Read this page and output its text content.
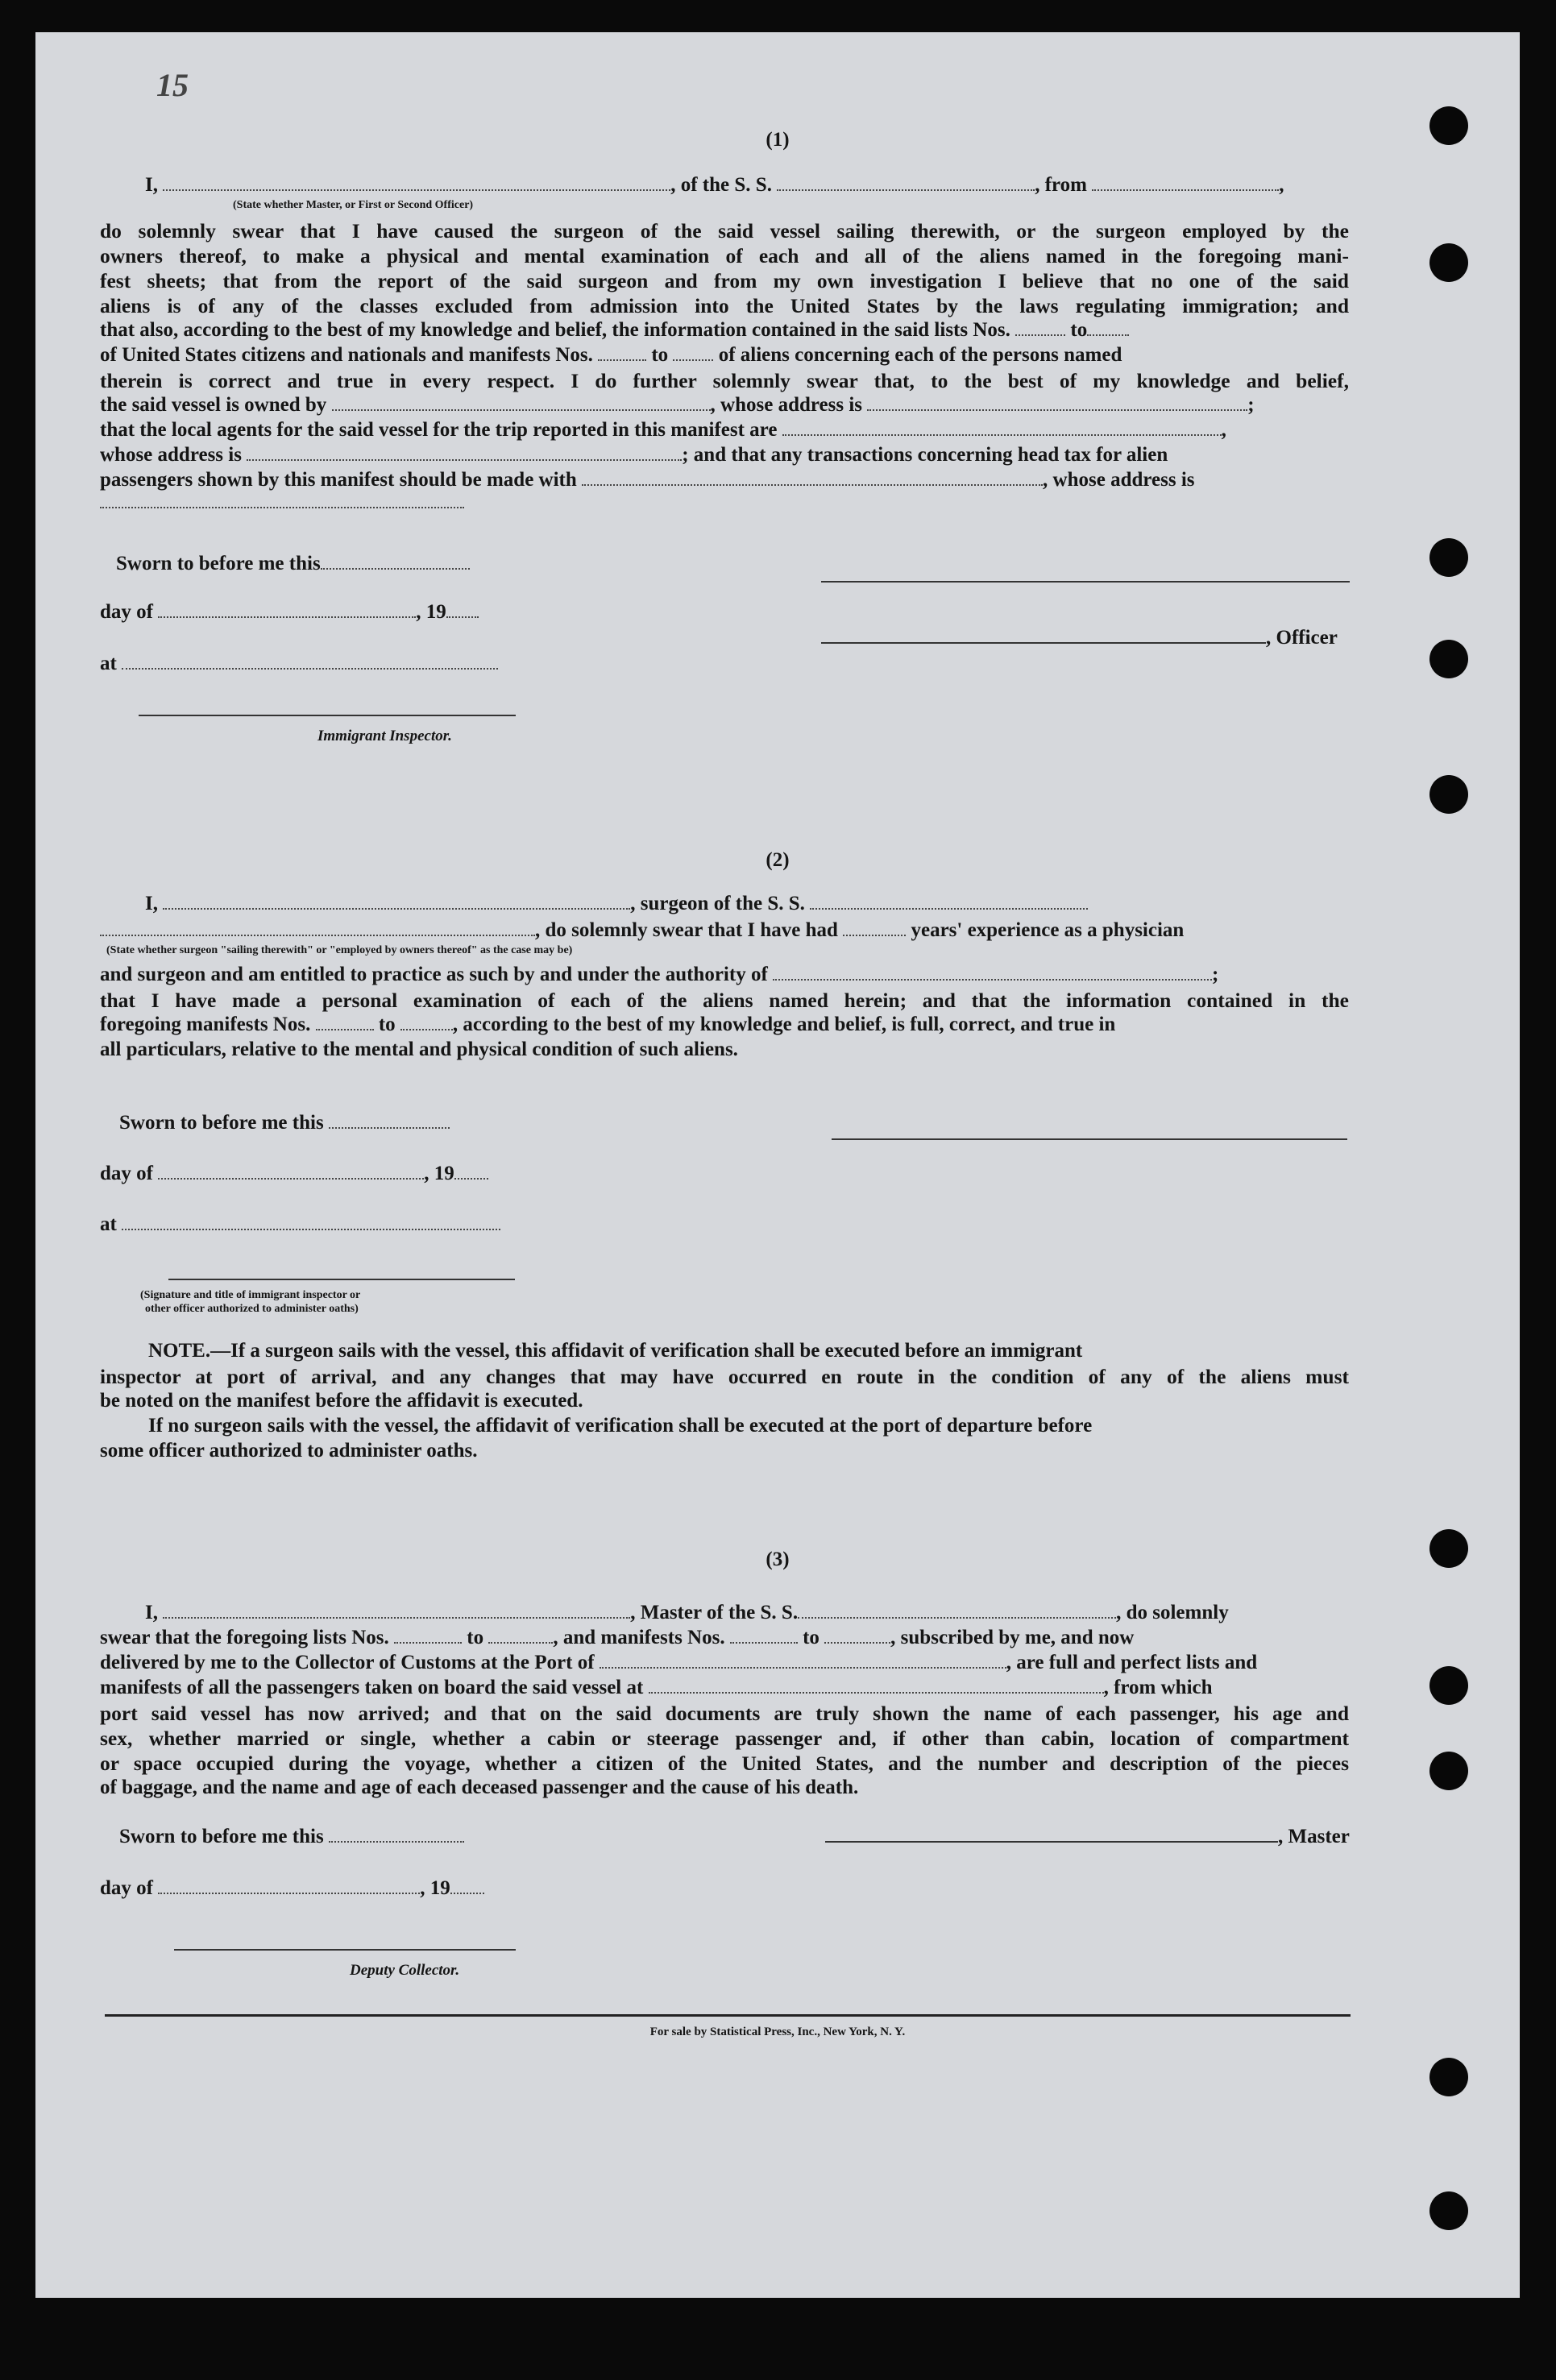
15
(1)
I,	, of the S. S.	, from	,
(State whether Master, or First or Second Officer)
do solemnly swear that I have caused the surgeon of the said vessel sailing therewith, or the surgeon employed by the
owners thereof, to make a physical and mental examination of each and all of the aliens named in the foregoing mani-
fest sheets; that from the report of the said surgeon and from my own investigation I believe that no one of the said
aliens is of any of the classes excluded from admission into the United States by the laws regulating immigration; and
that also, according to the best of my knowledge and belief, the information contained in the said lists Nos.	to
of United States citizens and nationals and manifests Nos.	to	of aliens concerning each of the persons named
therein is correct and true in every respect. I do further solemnly swear that, to the best of my knowledge and belief,
the said vessel is owned by	, whose address is	;
that the local agents for the said vessel for the trip reported in this manifest are	,
whose address is	; and that any transactions concerning head tax for alien
passengers shown by this manifest should be made with	, whose address is
Sworn to before me this
day of	, 19
, Officer
at
Immigrant Inspector.
(2)
I,	, surgeon of the S. S.
, do solemnly swear that I have had	years' experience as a physician
(State whether surgeon "sailing therewith" or "employed by owners thereof" as the case may be)
and surgeon and am entitled to practice as such by and under the authority of	;
that I have made a personal examination of each of the aliens named herein; and that the information contained in the
foregoing manifests Nos.	to	, according to the best of my knowledge and belief, is full, correct, and true in
all particulars, relative to the mental and physical condition of such aliens.
Sworn to before me this
day of	, 19
at
(Signature and title of immigrant inspector or
other officer authorized to administer oaths)
NOTE.—If a surgeon sails with the vessel, this affidavit of verification shall be executed before an immigrant
inspector at port of arrival, and any changes that may have occurred en route in the condition of any of the aliens must
be noted on the manifest before the affidavit is executed.
If no surgeon sails with the vessel, the affidavit of verification shall be executed at the port of departure before
some officer authorized to administer oaths.
(3)
I,	, Master of the S. S.	, do solemnly
swear that the foregoing lists Nos.	to	, and manifests Nos.	to	, subscribed by me, and now
delivered by me to the Collector of Customs at the Port of	, are full and perfect lists and
manifests of all the passengers taken on board the said vessel at	, from which
port said vessel has now arrived; and that on the said documents are truly shown the name of each passenger, his age and
sex, whether married or single, whether a cabin or steerage passenger and, if other than cabin, location of compartment
or space occupied during the voyage, whether a citizen of the United States, and the number and description of the pieces
of baggage, and the name and age of each deceased passenger and the cause of his death.
Sworn to before me this	, Master
day of	, 19
Deputy Collector.
For sale by Statistical Press, Inc., New York, N. Y.
